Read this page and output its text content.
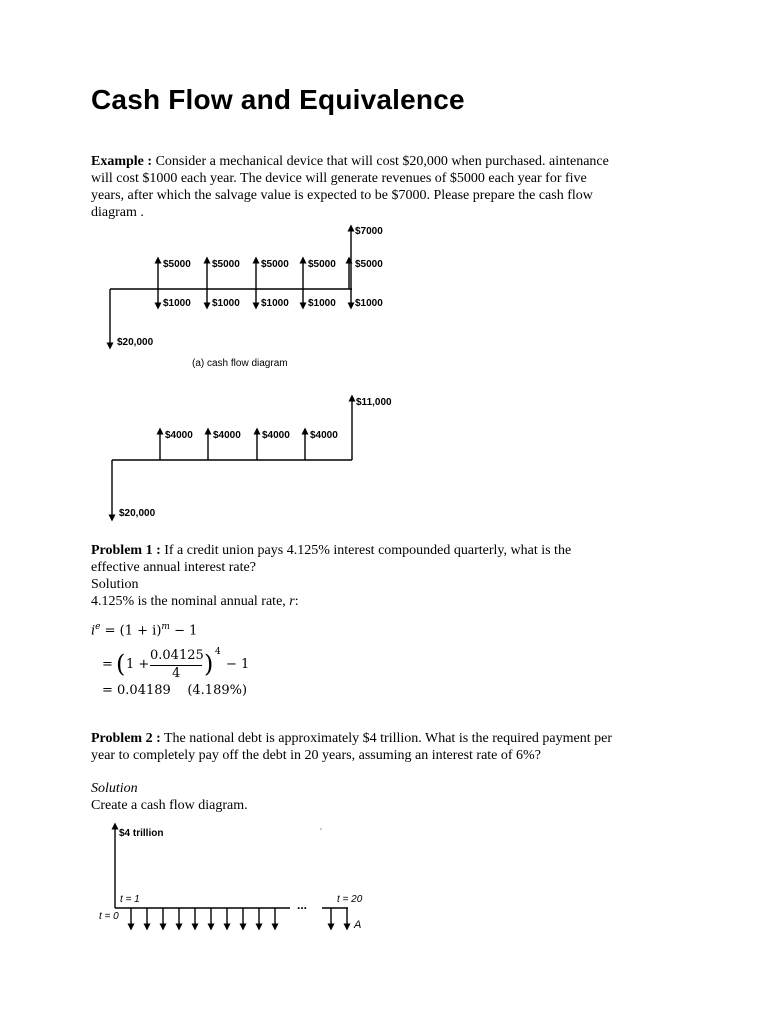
Cash Flow and Equivalence
Example : Consider a mechanical device that will cost $20,000 when purchased. aintenance
will cost $1000 each year. The device will generate revenues of $5000 each year for five
years, after which the salvage value is expected to be $7000. Please prepare the cash flow
diagram .
$7000
$5000 $5000 $5000 $5000 $5000
$1000 $1000 $1000 $1000 $1000
$20,000
(a) cash flow diagram
$11,000
$4000 $4000 $4000 $4000
$20,000
Problem 1 : If a credit union pays 4.125% interest compounded quarterly, what is the
effective annual interest rate?
Solution
4.125% is the nominal annual rate, r:
$i^e = (1 + i)^m - 1$
= ( 1 +
0.04125
4 ) 4
− 1
= 0.04189 (4.189%)
Problem 2 : The national debt is approximately $4 trillion. What is the required payment per
year to completely pay off the debt in 20 years, assuming an interest rate of 6%?
Solution
Create a cash flow diagram.
$4 trillion
t = 1
t = 0
t = 20
...
A
